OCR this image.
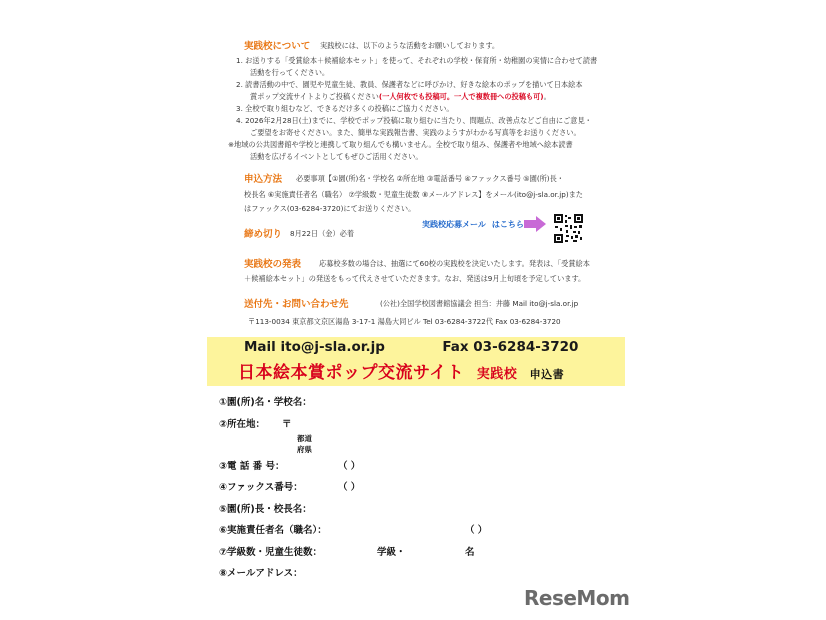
実践校について 実践校には、以下のような活動をお願いしております。
1. お送りする「受賞絵本＋候補絵本セット」を使って、それぞれの学校・保育所・幼稚園の実情に合わせて読書
活動を行ってください。
2. 読書活動の中で、園児や児童生徒、教員、保護者などに呼びかけ、好きな絵本のポップを描いて日本絵本
賞ポップ交流サイトよりご投稿ください(一人何枚でも投稿可。一人で複数冊への投稿も可)。
3. 全校で取り組むなど、できるだけ多くの投稿にご協力ください。
4. 2026年2月28日(土)までに、学校でポップ投稿に取り組むに当たり、問題点、改善点などご自由にご意見・
ご要望をお寄せください。また、簡単な実践報告書、実践のようすがわかる写真等をお送りください。
※地域の公共図書館や学校と連携して取り組んでも構いません。全校で取り組み、保護者や地域へ絵本読書
活動を広げるイベントとしてもぜひご活用ください。
申込方法 必要事項【①園(所)名・学校名 ②所在地 ③電話番号 ④ファックス番号 ⑤園(所)長・
校長名 ⑥実施責任者名（職名） ⑦学級数・児童生徒数 ⑧メールアドレス】をメール(ito@j-sla.or.jp)また
はファックス(03-6284-3720)にてお送りください。
締め切り 8月22日（金）必着
実践校応募メール はこちら
実践校の発表 応募校多数の場合は、抽選にて60校の実践校を決定いたします。発表は、「受賞絵本
＋候補絵本セット」の発送をもって代えさせていただきます。なお、発送は9月上旬頃を予定しています。
送付先・お問い合わせ先	(公社)全国学校図書館協議会 担当：井藤 Mail ito@j-sla.or.jp
〒113-0034 東京都文京区湯島 3-17-1 湯島大同ビル Tel 03-6284-3722代 Fax 03-6284-3720
Mail ito@j-sla.or.jp	Fax 03-6284-3720
日本絵本賞ポップ交流サイト 実践校 申込書
①園(所)名・学校名：
②所在地： 〒
都道
府県
③電 話 番 号：	（ ）
④ファックス番号：	（ ）
⑤園(所)長・校長名：
⑥実施責任者名（職名）：	（ ）
⑦学級数・児童生徒数：	学級・	名
⑧メールアドレス：
ReseMom
